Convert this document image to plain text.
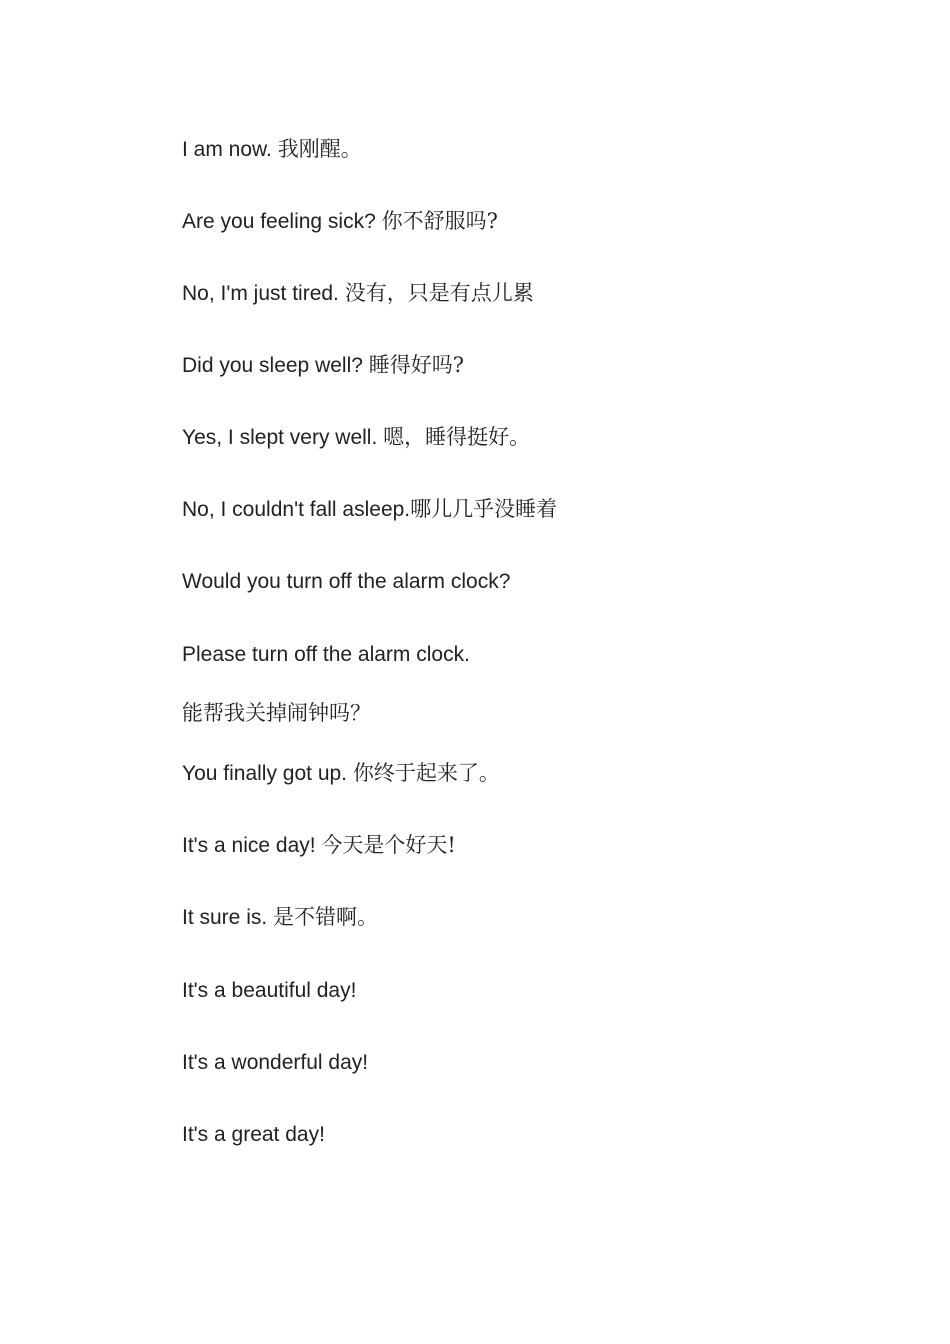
I am now. 我刚醒。
Are you feeling sick? 你不舒服吗?
No, I'm just tired. 没有，只是有点儿累
Did you sleep well? 睡得好吗?
Yes, I slept very well. 嗯，睡得挺好。
No, I couldn't fall asleep.哪儿几乎没睡着
Would you turn off the alarm clock?
Please turn off the alarm clock.
能帮我关掉闹钟吗？
You finally got up. 你终于起来了。
It's a nice day! 今天是个好天!
It sure is. 是不错啊。
It's a beautiful day!
It's a wonderful day!
It's a great day!
